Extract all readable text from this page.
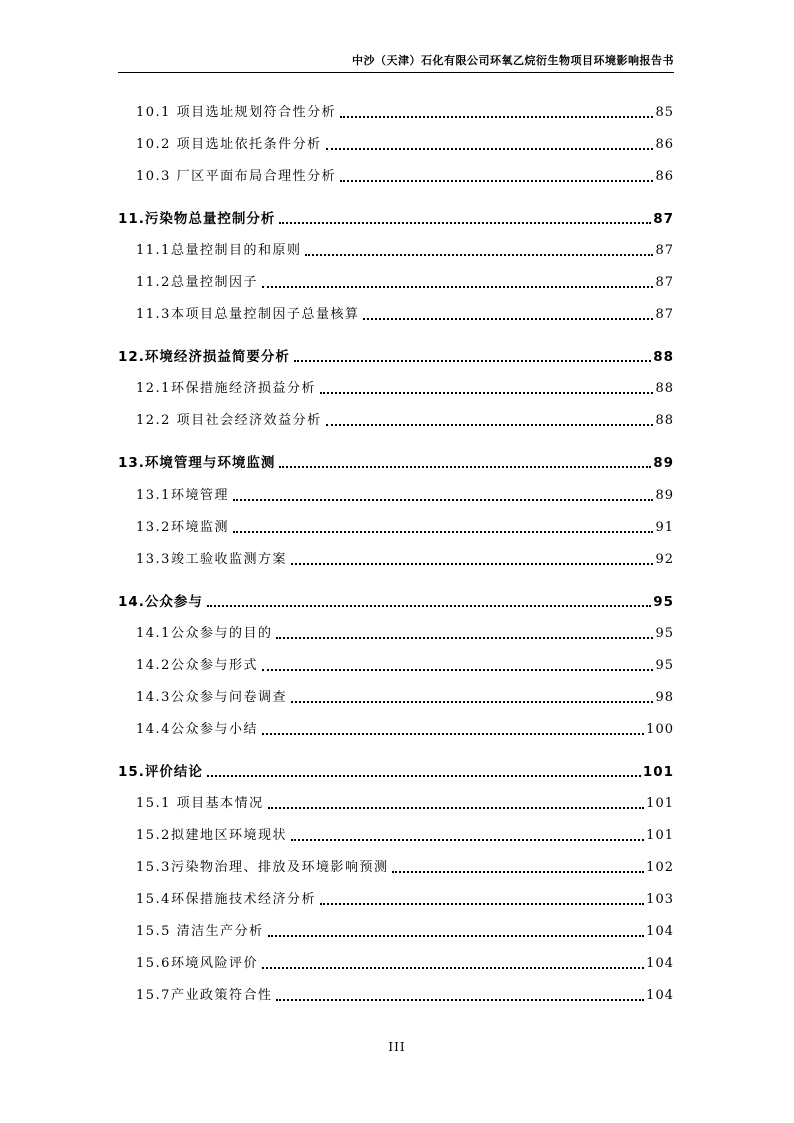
中沙（天津）石化有限公司环氧乙烷衍生物项目环境影响报告书
10.1 项目选址规划符合性分析	85
10.2 项目选址依托条件分析	86
10.3 厂区平面布局合理性分析	86
11.污染物总量控制分析	87
11.1总量控制目的和原则	87
11.2总量控制因子	87
11.3本项目总量控制因子总量核算	87
12.环境经济损益简要分析	88
12.1环保措施经济损益分析	88
12.2 项目社会经济效益分析	88
13.环境管理与环境监测	89
13.1环境管理	89
13.2环境监测	91
13.3竣工验收监测方案	92
14.公众参与	95
14.1公众参与的目的	95
14.2公众参与形式	95
14.3公众参与问卷调查	98
14.4公众参与小结	100
15.评价结论	101
15.1 项目基本情况	101
15.2拟建地区环境现状	101
15.3污染物治理、排放及环境影响预测	102
15.4环保措施技术经济分析	103
15.5 清洁生产分析	104
15.6环境风险评价	104
15.7产业政策符合性	104
III
